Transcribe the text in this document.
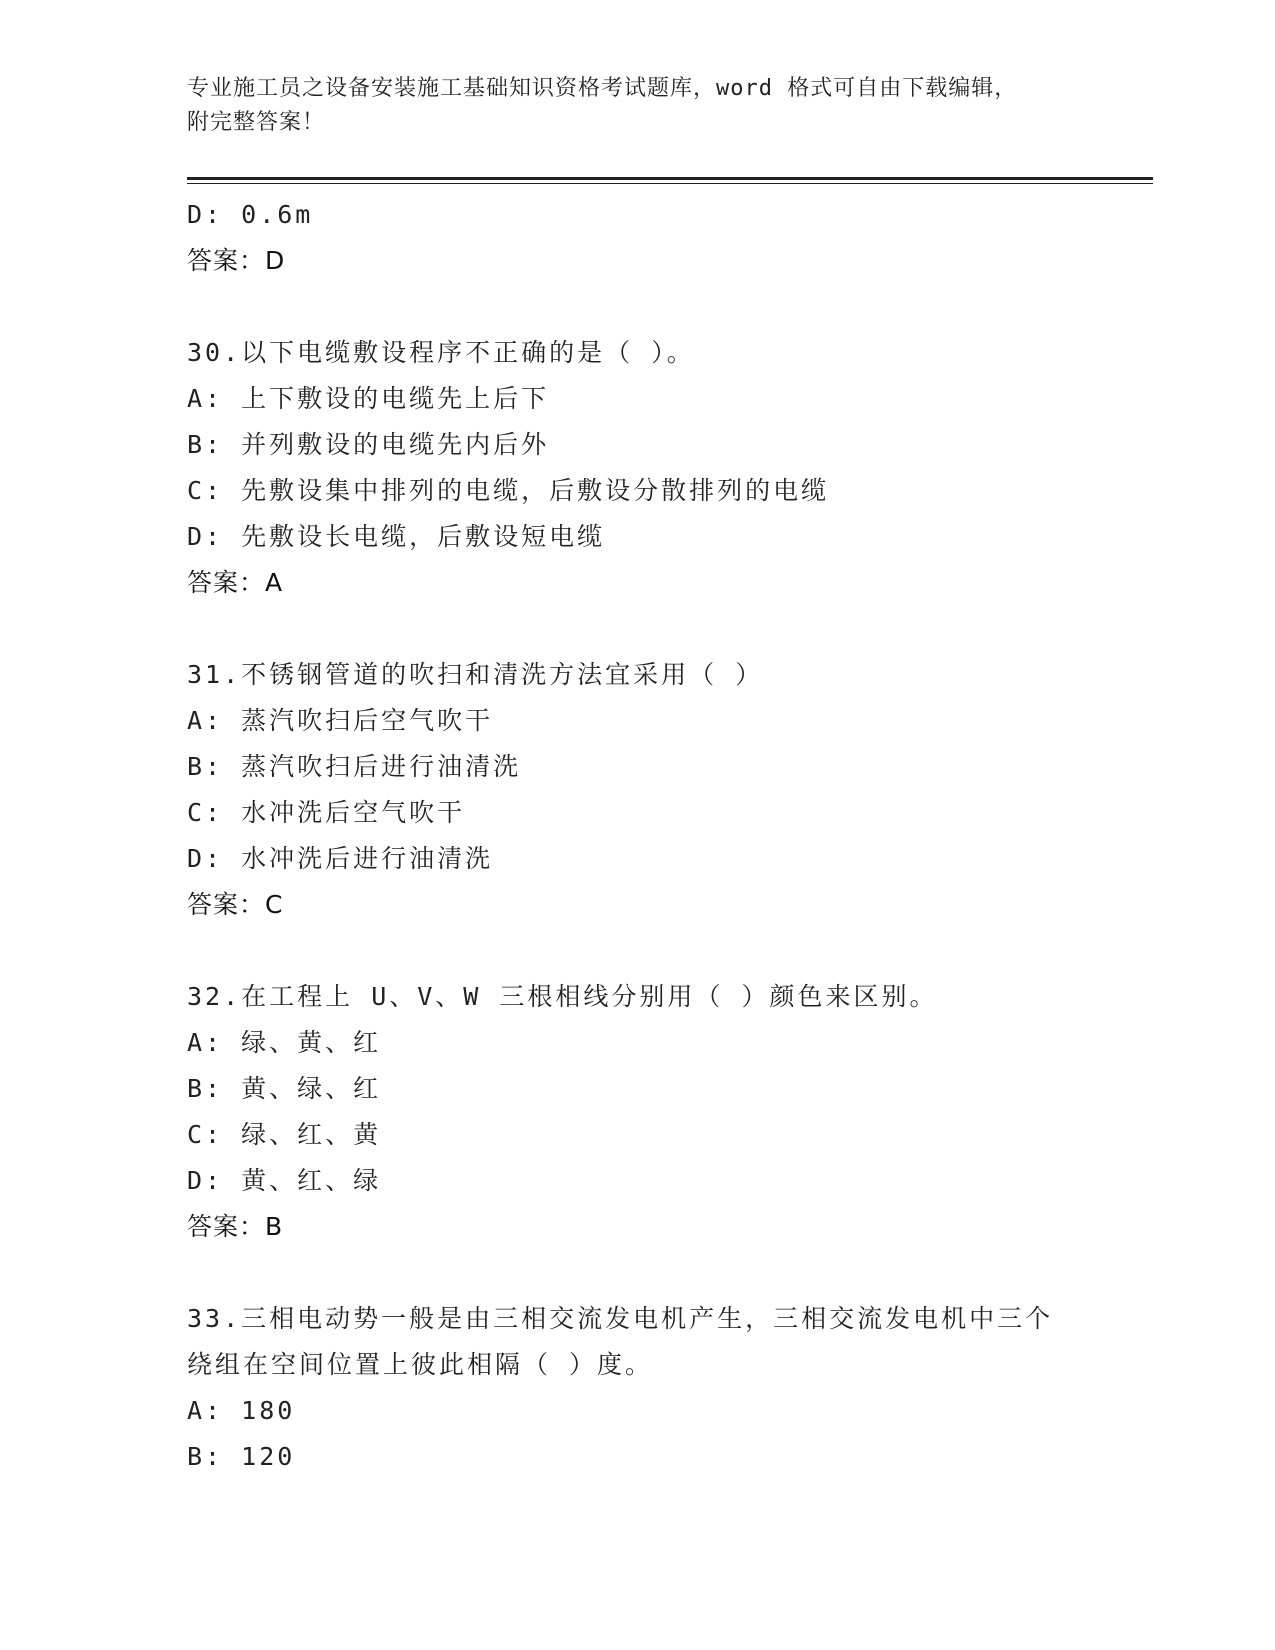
专业施工员之设备安装施工基础知识资格考试题库，word 格式可自由下载编辑，
附完整答案！
D: 0.6m
答案：D
30.以下电缆敷设程序不正确的是（ ）。
A: 上下敷设的电缆先上后下
B: 并列敷设的电缆先内后外
C: 先敷设集中排列的电缆，后敷设分散排列的电缆
D: 先敷设长电缆，后敷设短电缆
答案：A
31.不锈钢管道的吹扫和清洗方法宜采用（ ）
A: 蒸汽吹扫后空气吹干
B: 蒸汽吹扫后进行油清洗
C: 水冲洗后空气吹干
D: 水冲洗后进行油清洗
答案：C
32.在工程上 U、V、W 三根相线分别用（ ）颜色来区别。
A: 绿、黄、红
B: 黄、绿、红
C: 绿、红、黄
D: 黄、红、绿
答案：B
33.三相电动势一般是由三相交流发电机产生，三相交流发电机中三个
绕组在空间位置上彼此相隔（ ）度。
A: 180
B: 120
